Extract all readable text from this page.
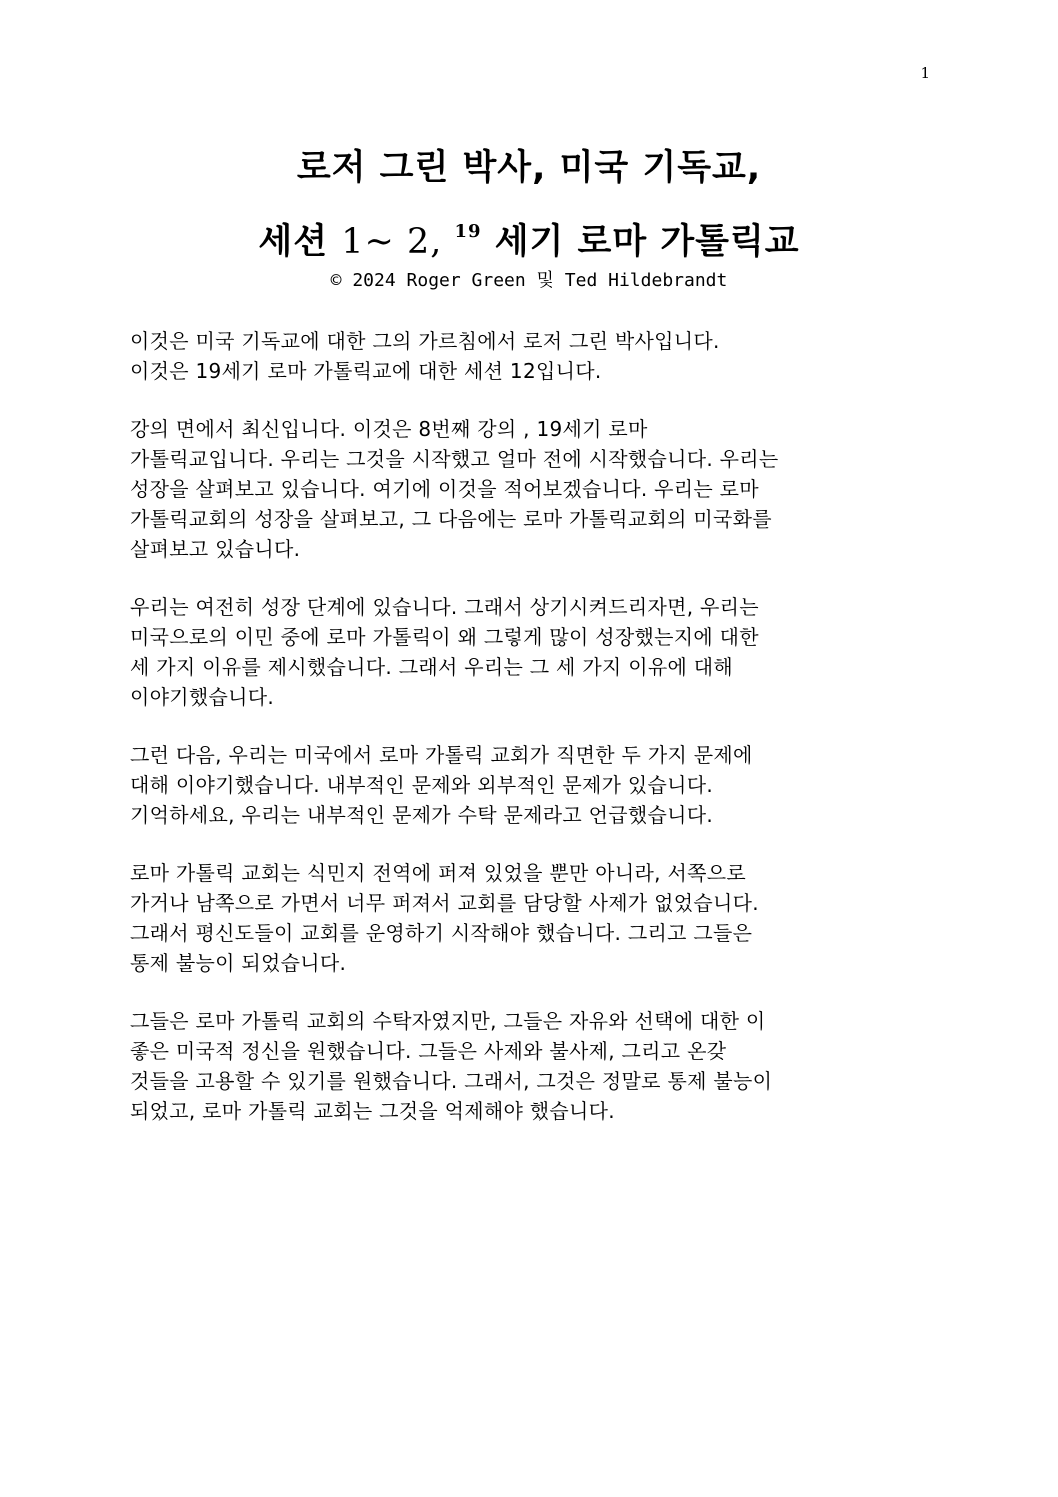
1
로저 그린 박사, 미국 기독교,
세션 1~ 2, $^{19}$ 세기 로마 가톨릭교
© 2024 Roger Green 및 Ted Hildebrandt

이것은 미국 기독교에 대한 그의 가르침에서 로저 그린 박사입니다.
이것은 19세기 로마 가톨릭교에 대한 세션 12입니다.

강의 면에서 최신입니다. 이것은 8번째 강의 , 19세기 로마
가톨릭교입니다. 우리는 그것을 시작했고 얼마 전에 시작했습니다. 우리는
성장을 살펴보고 있습니다. 여기에 이것을 적어보겠습니다. 우리는 로마
가톨릭교회의 성장을 살펴보고, 그 다음에는 로마 가톨릭교회의 미국화를
살펴보고 있습니다.

우리는 여전히 성장 단계에 있습니다. 그래서 상기시켜드리자면, 우리는
미국으로의 이민 중에 로마 가톨릭이 왜 그렇게 많이 성장했는지에 대한
세 가지 이유를 제시했습니다. 그래서 우리는 그 세 가지 이유에 대해
이야기했습니다.

그런 다음, 우리는 미국에서 로마 가톨릭 교회가 직면한 두 가지 문제에
대해 이야기했습니다. 내부적인 문제와 외부적인 문제가 있습니다.
기억하세요, 우리는 내부적인 문제가 수탁 문제라고 언급했습니다.

로마 가톨릭 교회는 식민지 전역에 퍼져 있었을 뿐만 아니라, 서쪽으로
가거나 남쪽으로 가면서 너무 퍼져서 교회를 담당할 사제가 없었습니다.
그래서 평신도들이 교회를 운영하기 시작해야 했습니다. 그리고 그들은
통제 불능이 되었습니다.

그들은 로마 가톨릭 교회의 수탁자였지만, 그들은 자유와 선택에 대한 이
좋은 미국적 정신을 원했습니다. 그들은 사제와 불사제, 그리고 온갖
것들을 고용할 수 있기를 원했습니다. 그래서, 그것은 정말로 통제 불능이
되었고, 로마 가톨릭 교회는 그것을 억제해야 했습니다.
